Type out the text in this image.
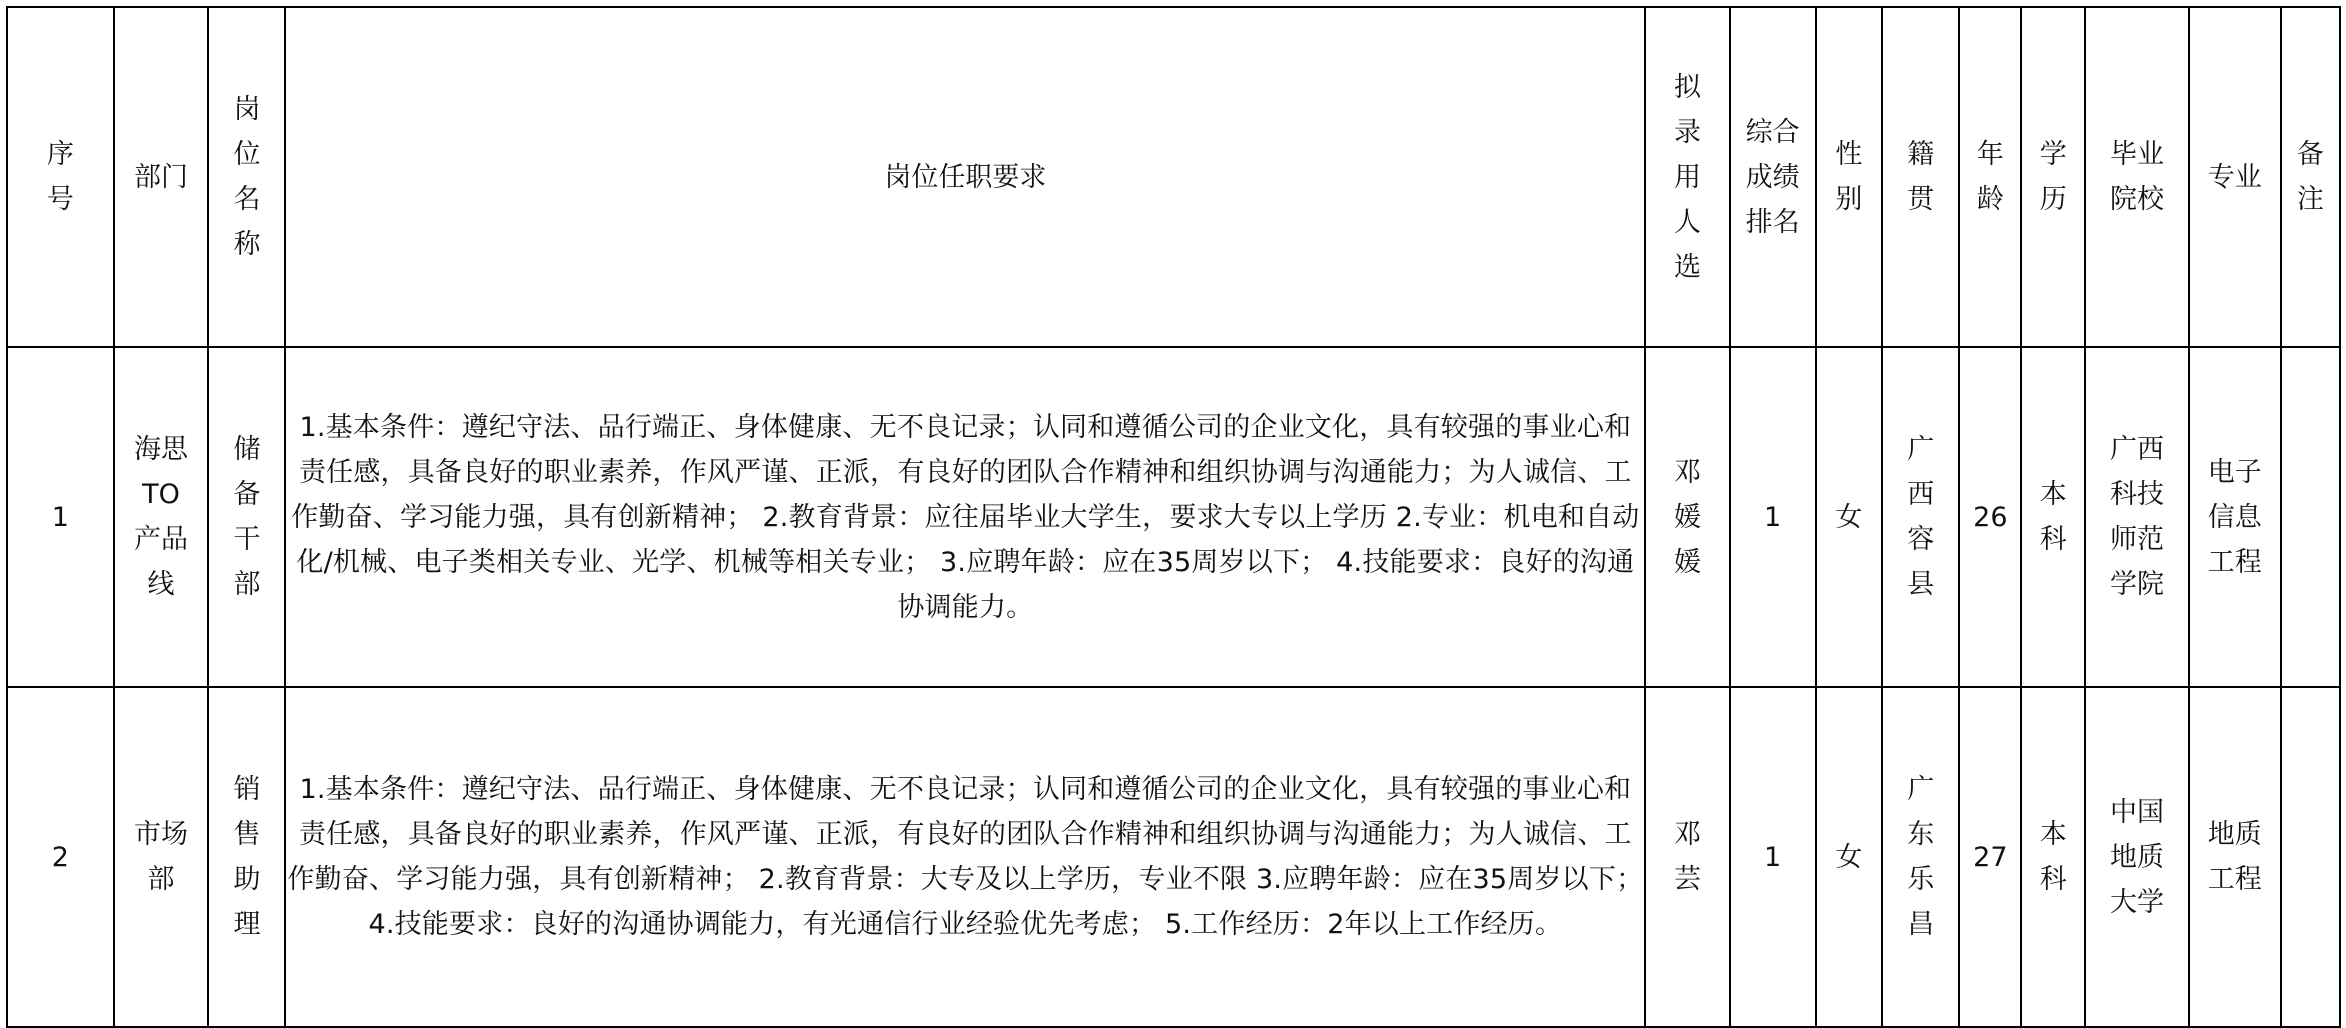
序号	部门	岗位名称	岗位任职要求	拟录用人选	综合成绩排名	性别	籍贯	年龄	学历	毕业院校	专业	备注

1	海思TO产品线	储备干部	1.基本条件：遵纪守法、品行端正、身体健康、无不良记录；认同和遵循公司的企业文化，具有较强的事业心和责任感，具备良好的职业素养，作风严谨、正派，有良好的团队合作精神和组织协调与沟通能力；为人诚信、工作勤奋、学习能力强，具有创新精神； 2.教育背景：应往届毕业大学生，要求大专以上学历 2.专业：机电和自动化/机械、电子类相关专业、光学、机械等相关专业； 3.应聘年龄：应在35周岁以下； 4.技能要求：良好的沟通协调能力。	邓媛媛	1	女	广西容县	26	本科	广西科技师范学院	电子信息工程	

2	市场部	销售助理	1.基本条件：遵纪守法、品行端正、身体健康、无不良记录；认同和遵循公司的企业文化，具有较强的事业心和责任感，具备良好的职业素养，作风严谨、正派，有良好的团队合作精神和组织协调与沟通能力；为人诚信、工作勤奋、学习能力强，具有创新精神； 2.教育背景：大专及以上学历，专业不限 3.应聘年龄：应在35周岁以下； 4.技能要求：良好的沟通协调能力，有光通信行业经验优先考虑； 5.工作经历：2年以上工作经历。	邓芸	1	女	广东乐昌	27	本科	中国地质大学	地质工程	
